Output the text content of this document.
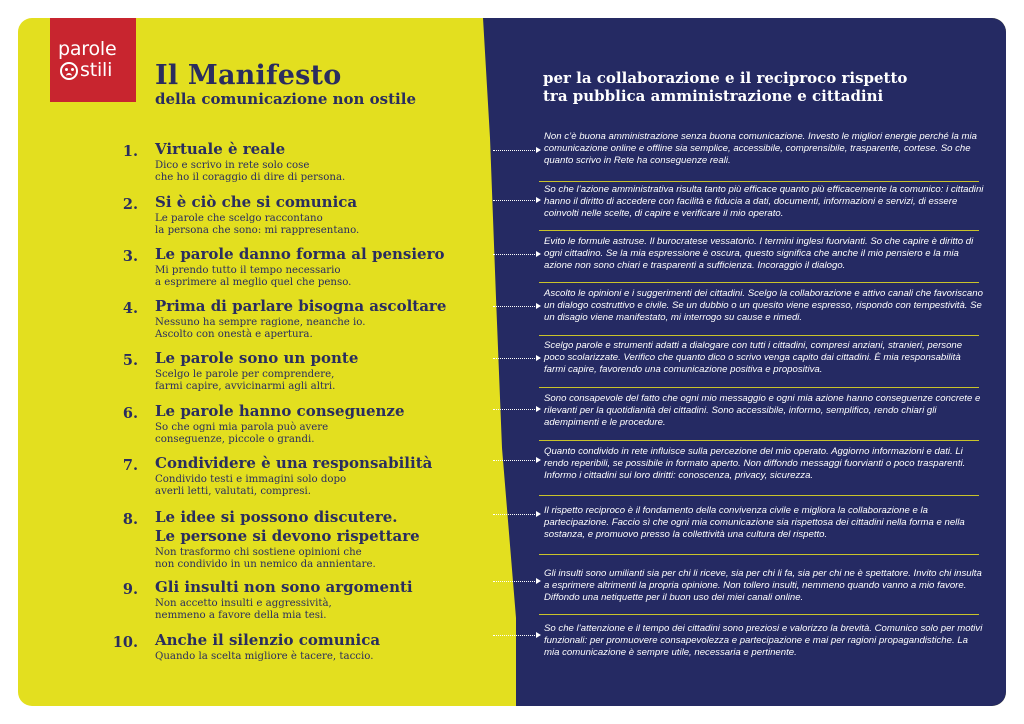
parole
stili Il Manifesto
della comunicazione non ostile
per la collaborazione e il reciproco rispetto
tra pubblica amministrazione e cittadini
1. Virtuale è reale
Dico e scrivo in rete solo cose
che ho il coraggio di dire di persona.
Non c’è buona amministrazione senza buona comunicazione. Investo le migliori energie perché la mia comunicazione online e offline sia semplice, accessibile, comprensibile, trasparente, cortese. So che quanto scrivo in Rete ha conseguenze reali.
2. Si è ciò che si comunica
Le parole che scelgo raccontano
la persona che sono: mi rappresentano.
So che l’azione amministrativa risulta tanto più efficace quanto più efficacemente la comunico: i cittadini hanno il diritto di accedere con facilità e fiducia a dati, documenti, informazioni e servizi, di essere coinvolti nelle scelte, di capire e verificare il mio operato.
3. Le parole danno forma al pensiero
Mi prendo tutto il tempo necessario
a esprimere al meglio quel che penso.
Evito le formule astruse. Il burocratese vessatorio. I termini inglesi fuorvianti. So che capire è diritto di ogni cittadino. Se la mia espressione è oscura, questo significa che anche il mio pensiero e la mia azione non sono chiari e trasparenti a sufficienza. Incoraggio il dialogo.
4. Prima di parlare bisogna ascoltare
Nessuno ha sempre ragione, neanche io.
Ascolto con onestà e apertura.
Ascolto le opinioni e i suggerimenti dei cittadini. Scelgo la collaborazione e attivo canali che favoriscano un dialogo costruttivo e civile. Se un dubbio o un quesito viene espresso, rispondo con tempestività. Se un disagio viene manifestato, mi interrogo su cause e rimedi.
5. Le parole sono un ponte
Scelgo le parole per comprendere,
farmi capire, avvicinarmi agli altri.
Scelgo parole e strumenti adatti a dialogare con tutti i cittadini, compresi anziani, stranieri, persone poco scolarizzate. Verifico che quanto dico o scrivo venga capito dai cittadini. È mia responsabilità farmi capire, favorendo una comunicazione positiva e propositiva.
6. Le parole hanno conseguenze
So che ogni mia parola può avere
conseguenze, piccole o grandi.
Sono consapevole del fatto che ogni mio messaggio e ogni mia azione hanno conseguenze concrete e rilevanti per la quotidianità dei cittadini. Sono accessibile, informo, semplifico, rendo chiari gli adempimenti e le procedure.
7. Condividere è una responsabilità
Condivido testi e immagini solo dopo
averli letti, valutati, compresi.
Quanto condivido in rete influisce sulla percezione del mio operato. Aggiorno informazioni e dati. Li rendo reperibili, se possibile in formato aperto. Non diffondo messaggi fuorvianti o poco trasparenti. Informo i cittadini sui loro diritti: conoscenza, privacy, sicurezza.
8. Le idee si possono discutere.
Le persone si devono rispettare
Non trasformo chi sostiene opinioni che
non condivido in un nemico da annientare.
Il rispetto reciproco è il fondamento della convivenza civile e migliora la collaborazione e la partecipazione. Faccio sì che ogni mia comunicazione sia rispettosa dei cittadini nella forma e nella sostanza, e promuovo presso la collettività una cultura del rispetto.
9. Gli insulti non sono argomenti
Non accetto insulti e aggressività,
nemmeno a favore della mia tesi.
Gli insulti sono umilianti sia per chi li riceve, sia per chi li fa, sia per chi ne è spettatore. Invito chi insulta a esprimere altrimenti la propria opinione. Non tollero insulti, nemmeno quando vanno a mio favore. Diffondo una netiquette per il buon uso dei miei canali online.
10. Anche il silenzio comunica
Quando la scelta migliore è tacere, taccio.
So che l’attenzione e il tempo dei cittadini sono preziosi e valorizzo la brevità. Comunico solo per motivi funzionali: per promuovere consapevolezza e partecipazione e mai per ragioni propagandistiche. La mia comunicazione è sempre utile, necessaria e pertinente.
